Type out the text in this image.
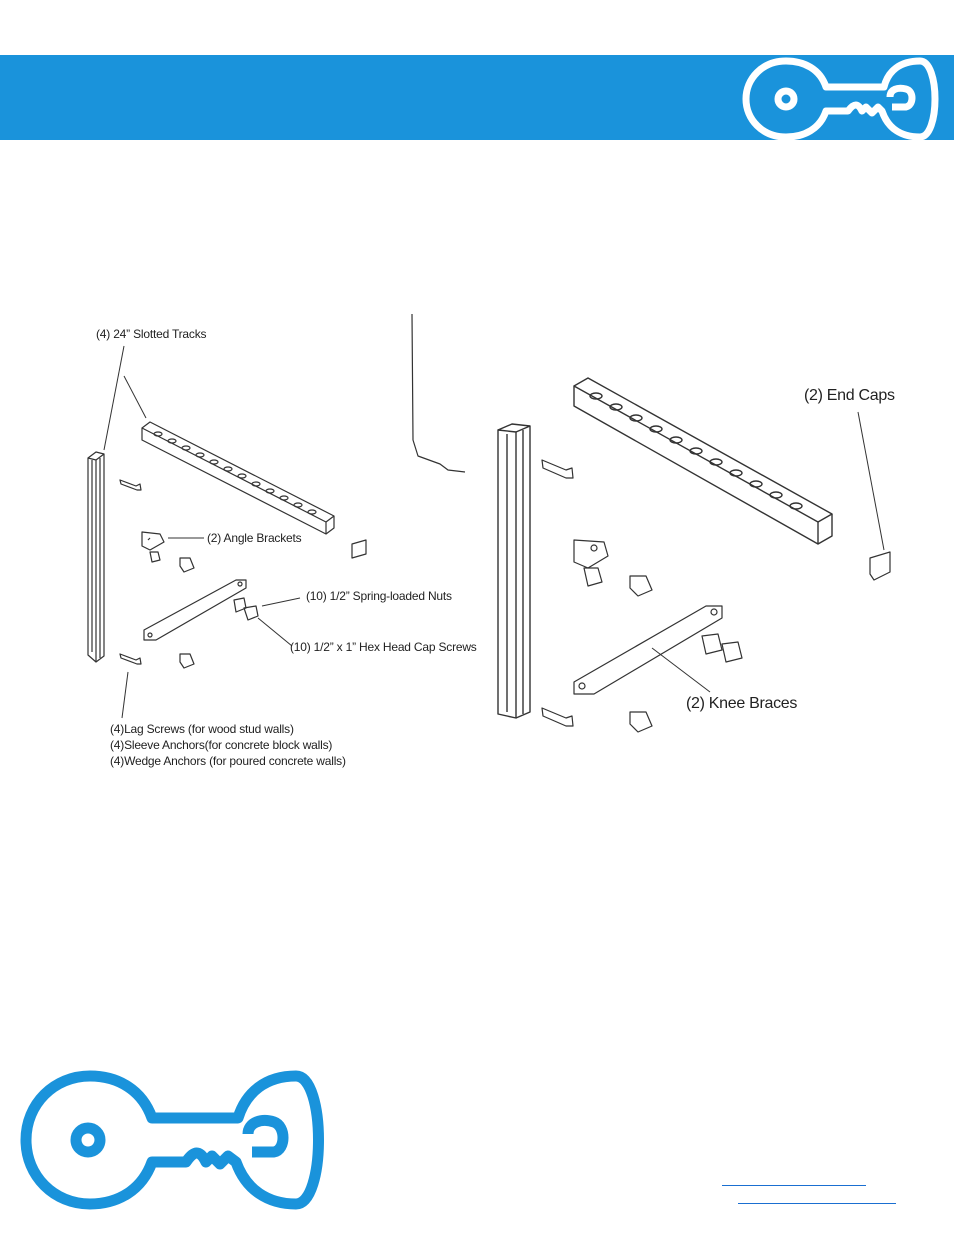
(4) 24” Slotted Tracks
(2) Angle Brackets
(10) 1/2” Spring-loaded Nuts
(10) 1/2” x 1” Hex Head Cap Screws
(4)Lag Screws (for wood stud walls)
(4)Sleeve Anchors(for concrete block walls)
(4)Wedge Anchors (for poured concrete walls)
(2) End Caps
(2) Knee Braces
